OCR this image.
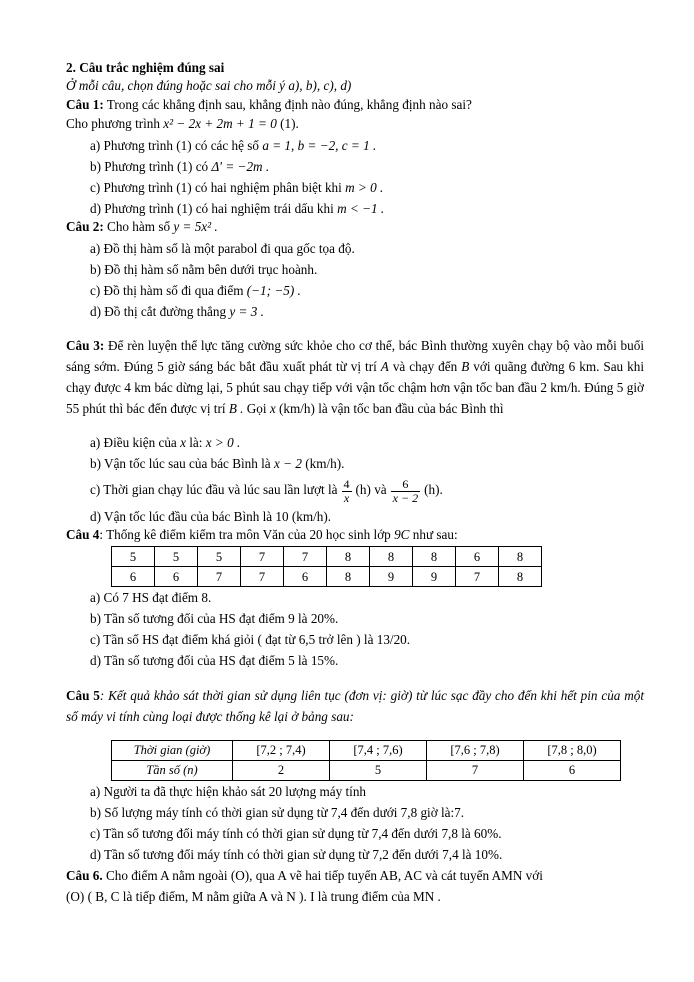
2. Câu trắc nghiệm đúng sai

Ở mỗi câu, chọn đúng hoặc sai cho mỗi ý a), b), c), d)

Câu 1: Trong các khẳng định sau, khẳng định nào đúng, khẳng định nào sai?

Cho phương trình x² − 2x + 2m + 1 = 0 (1).

a) Phương trình (1) có các hệ số a = 1, b = −2, c = 1 .

b) Phương trình (1) có Δ′ = −2m .

c) Phương trình (1) có hai nghiệm phân biệt khi m > 0 .

d) Phương trình (1) có hai nghiệm trái dấu khi m < −1 .

Câu 2: Cho hàm số y = 5x² .

a) Đồ thị hàm số là một parabol đi qua gốc tọa độ.

b) Đồ thị hàm số nằm bên dưới trục hoành.

c) Đồ thị hàm số đi qua điểm (−1; −5) .

d) Đồ thị cắt đường thẳng y = 3 .

Câu 3: Để rèn luyện thể lực tăng cường sức khỏe cho cơ thể, bác Bình thường xuyên chạy bộ vào mỗi buổi sáng sớm. Đúng 5 giờ sáng bác bắt đầu xuất phát từ vị trí A và chạy đến B với quãng đường 6 km. Sau khi chạy được 4 km bác dừng lại, 5 phút sau chạy tiếp với vận tốc chậm hơn vận tốc ban đầu 2 km/h. Đúng 5 giờ 55 phút thì bác đến được vị trí B . Gọi x (km/h) là vận tốc ban đầu của bác Bình thì

a) Điều kiện của x là: x > 0 .

b) Vận tốc lúc sau của bác Bình là x − 2 (km/h).

c) Thời gian chạy lúc đầu và lúc sau lần lượt là $\frac{4}{x} (h)$ và $\frac{6}{x - 2} (h)$.

d) Vận tốc lúc đầu của bác Bình là 10 (km/h).

Câu 4: Thống kê điểm kiểm tra môn Văn của 20 học sinh lớp 9C như sau:

5	5	5	7	7	8	8	8	6	8
6	6	7	7	6	8	9	9	7	8

a) Có 7 HS đạt điểm 8.

b) Tần số tương đối của HS đạt điểm 9 là 20%.

c) Tần số HS đạt điểm khá giỏi ( đạt từ 6,5 trở lên ) là 13/20.

d) Tần số tương đối của HS đạt điểm 5 là 15%.

Câu 5: Kết quả khảo sát thời gian sử dụng liên tục (đơn vị: giờ) từ lúc sạc đầy cho đến khi hết pin của một số máy vi tính cùng loại được thống kê lại ở bảng sau:

Thời gian (giờ)	[7,2 ; 7,4)	[7,4 ; 7,6)	[7,6 ; 7,8)	[7,8 ; 8,0)
Tần số (n)	2	5	7	6

a) Người ta đã thực hiện khảo sát 20 lượng máy tính

b) Số lượng máy tính có thời gian sử dụng từ 7,4 đến dưới 7,8 giờ là:7.

c) Tần số tương đối máy tính có thời gian sử dụng từ 7,4 đến dưới 7,8 là 60%.

d) Tần số tương đối máy tính có thời gian sử dụng từ 7,2 đến dưới 7,4 là 10%.

Câu 6. Cho điểm A nằm ngoài (O), qua A vẽ hai tiếp tuyến AB, AC và cát tuyến AMN với

(O) ( B, C là tiếp điểm, M nằm giữa A và N ). I là trung điểm của MN .
